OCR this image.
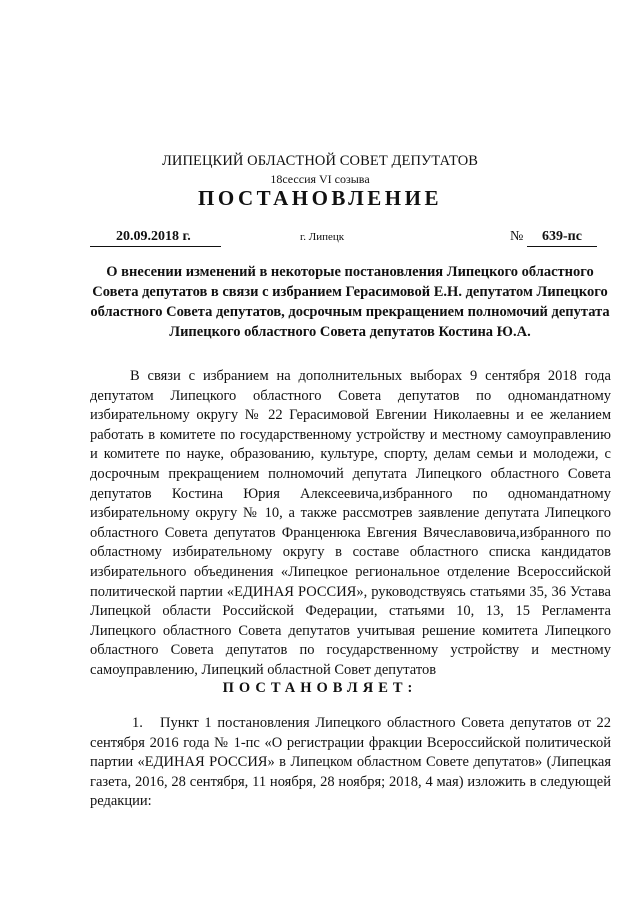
ЛИПЕЦКИЙ ОБЛАСТНОЙ СОВЕТ ДЕПУТАТОВ
18сессия VI созыва
ПОСТАНОВЛЕНИЕ
20.09.2018 г.	г. Липецк	№	639-пс
О внесении изменений в некоторые постановления Липецкого областного Совета депутатов в связи с избранием Герасимовой Е.Н. депутатом Липецкого областного Совета депутатов, досрочным прекращением полномочий депутата Липецкого областного Совета депутатов Костина Ю.А.
В связи с избранием на дополнительных выборах 9 сентября 2018 года депутатом Липецкого областного Совета депутатов по одномандатному избирательному округу № 22 Герасимовой Евгении Николаевны и ее желанием работать в комитете по государственному устройству и местному самоуправлению и комитете по науке, образованию, культуре, спорту, делам семьи и молодежи, с досрочным прекращением полномочий депутата Липецкого областного Совета депутатов Костина Юрия Алексеевича,избранного по одномандатному избирательному округу № 10, а также рассмотрев заявление депутата Липецкого областного Совета депутатов Франценюка Евгения Вячеславовича,избранного по областному избирательному округу в составе областного списка кандидатов избирательного объединения «Липецкое региональное отделение Всероссийской политической партии «ЕДИНАЯ РОССИЯ», руководствуясь статьями 35, 36 Устава Липецкой области Российской Федерации, статьями 10, 13, 15 Регламента Липецкого областного Совета депутатов учитывая решение комитета Липецкого областного Совета депутатов по государственному устройству и местному самоуправлению, Липецкий областной Совет депутатов
ПОСТАНОВЛЯЕТ:
1. Пункт 1 постановления Липецкого областного Совета депутатов от 22 сентября 2016 года № 1-пс «О регистрации фракции Всероссийской политической партии «ЕДИНАЯ РОССИЯ» в Липецком областном Совете депутатов» (Липецкая газета, 2016, 28 сентября, 11 ноября, 28 ноября; 2018, 4 мая) изложить в следующей редакции:
